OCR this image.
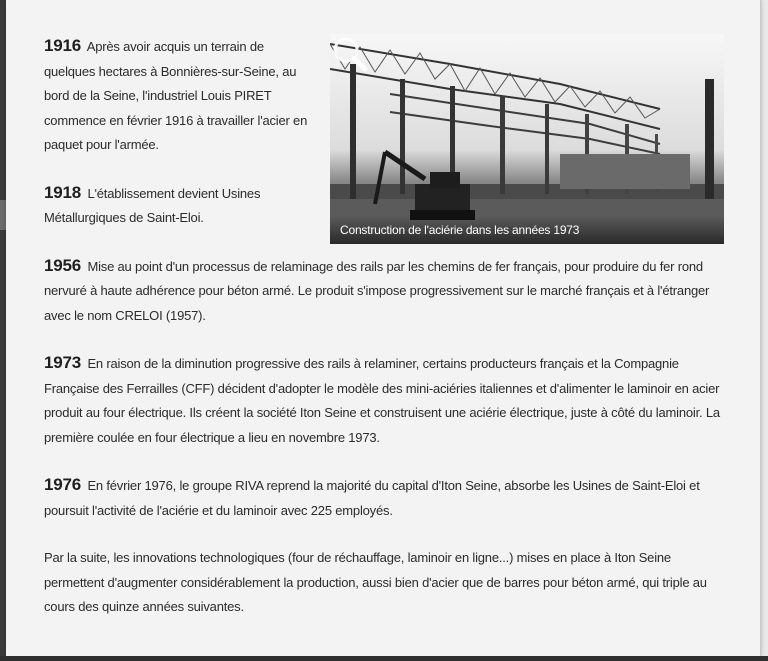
Construction de l'aciérie dans les années 1973

1916 Après avoir acquis un terrain de quelques hectares à Bonnières-sur-Seine, au bord de la Seine, l'industriel Louis PIRET commence en février 1916 à travailler l'acier en paquet pour l'armée.

1918 L'établissement devient Usines Métallurgiques de Saint-Eloi.

1956 Mise au point d'un processus de relaminage des rails par les chemins de fer français, pour produire du fer rond nervuré à haute adhérence pour béton armé. Le produit s'impose progressivement sur le marché français et à l'étranger avec le nom CRELOI (1957).

1973 En raison de la diminution progressive des rails à relaminer, certains producteurs français et la Compagnie Française des Ferrailles (CFF) décident d'adopter le modèle des mini-aciéries italiennes et d'alimenter le laminoir en acier produit au four électrique. Ils créent la société Iton Seine et construisent une aciérie électrique, juste à côté du laminoir. La première coulée en four électrique a lieu en novembre 1973.

1976 En février 1976, le groupe RIVA reprend la majorité du capital d'Iton Seine, absorbe les Usines de Saint-Eloi et poursuit l'activité de l'aciérie et du laminoir avec 225 employés.

Par la suite, les innovations technologiques (four de réchauffage, laminoir en ligne...) mises en place à Iton Seine permettent d'augmenter considérablement la production, aussi bien d'acier que de barres pour béton armé, qui triple au cours des quinze années suivantes.
